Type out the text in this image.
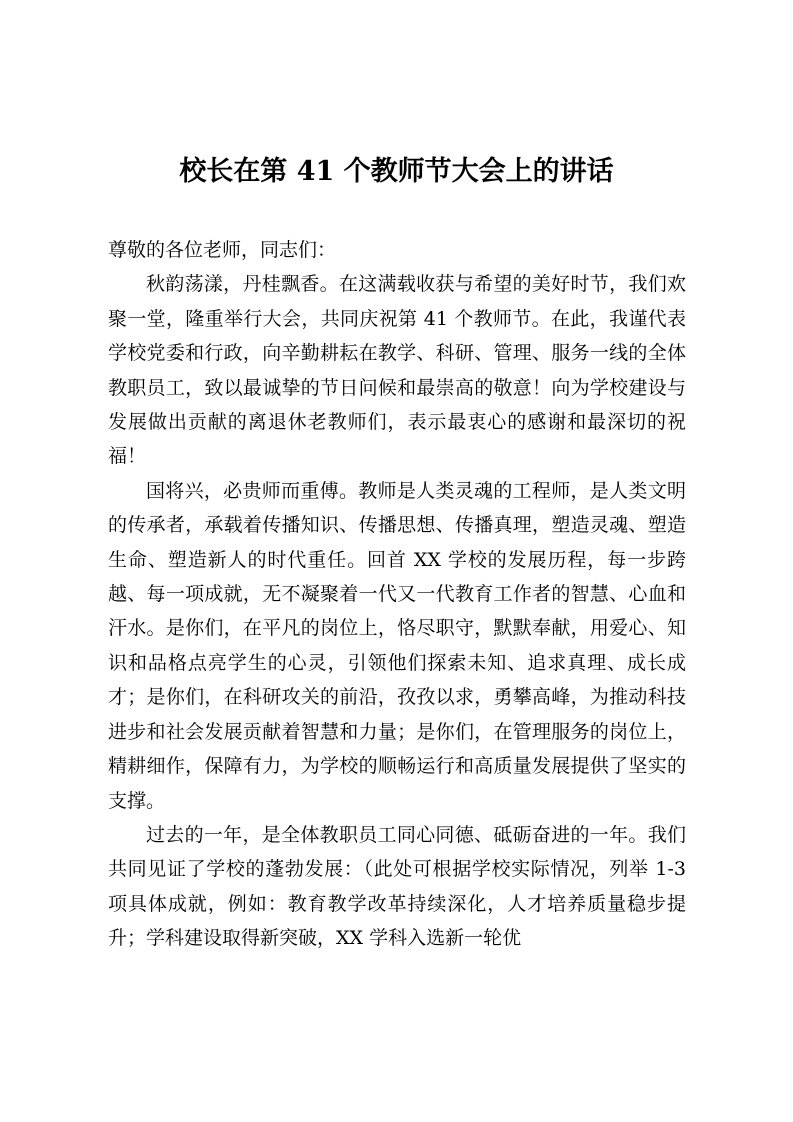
校长在第 41 个教师节大会上的讲话

尊敬的各位老师，同志们：

秋韵荡漾，丹桂飘香。在这满载收获与希望的美好时节，我们欢聚一堂，隆重举行大会，共同庆祝第 41 个教师节。在此，我谨代表学校党委和行政，向辛勤耕耘在教学、科研、管理、服务一线的全体教职员工，致以最诚挚的节日问候和最崇高的敬意！向为学校建设与发展做出贡献的离退休老教师们，表示最衷心的感谢和最深切的祝福！

国将兴，必贵师而重傅。教师是人类灵魂的工程师，是人类文明的传承者，承载着传播知识、传播思想、传播真理，塑造灵魂、塑造生命、塑造新人的时代重任。回首 XX 学校的发展历程，每一步跨越、每一项成就，无不凝聚着一代又一代教育工作者的智慧、心血和汗水。是你们，在平凡的岗位上，恪尽职守，默默奉献，用爱心、知识和品格点亮学生的心灵，引领他们探索未知、追求真理、成长成才；是你们，在科研攻关的前沿，孜孜以求，勇攀高峰，为推动科技进步和社会发展贡献着智慧和力量；是你们，在管理服务的岗位上，精耕细作，保障有力，为学校的顺畅运行和高质量发展提供了坚实的支撑。

过去的一年，是全体教职员工同心同德、砥砺奋进的一年。我们共同见证了学校的蓬勃发展：（此处可根据学校实际情况，列举 1-3 项具体成就，例如：教育教学改革持续深化，人才培养质量稳步提升；学科建设取得新突破，XX 学科入选新一轮优
